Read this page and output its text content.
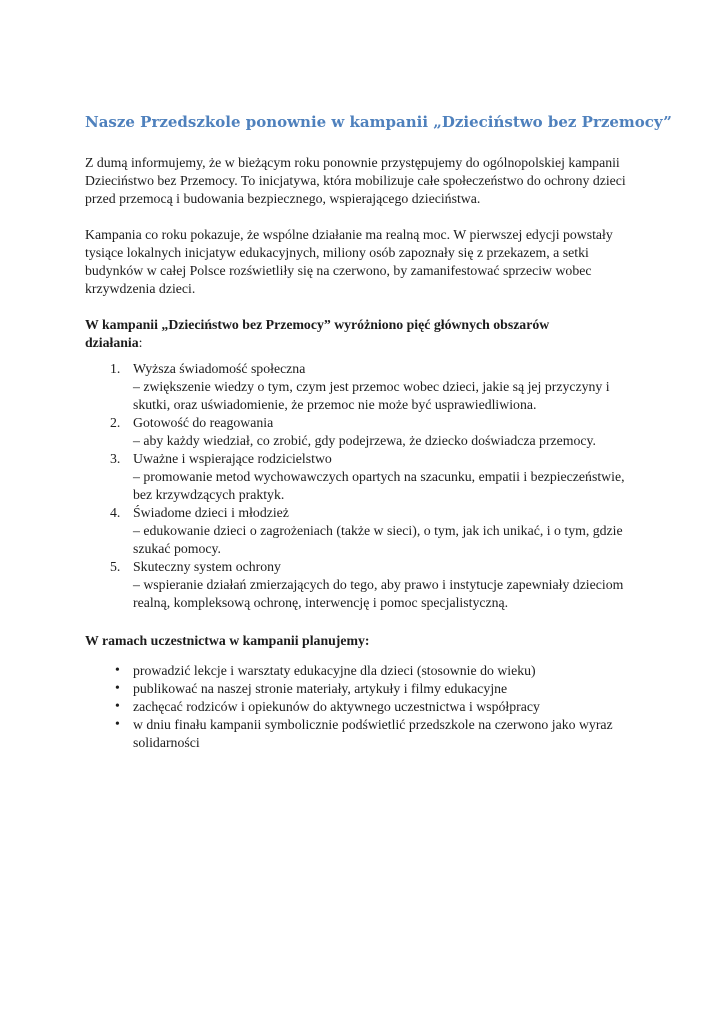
Nasze Przedszkole ponownie w kampanii „Dzieciństwo bez Przemocy”

Z dumą informujemy, że w bieżącym roku ponownie przystępujemy do ogólnopolskiej kampanii Dzieciństwo bez Przemocy. To inicjatywa, która mobilizuje całe społeczeństwo do ochrony dzieci przed przemocą i budowania bezpiecznego, wspierającego dzieciństwa.

Kampania co roku pokazuje, że wspólne działanie ma realną moc. W pierwszej edycji powstały tysiące lokalnych inicjatyw edukacyjnych, miliony osób zapoznały się z przekazem, a setki budynków w całej Polsce rozświetliły się na czerwono, by zamanifestować sprzeciw wobec krzywdzenia dzieci.

W kampanii „Dzieciństwo bez Przemocy” wyróżniono pięć głównych obszarów
działania:

1. Wyższa świadomość społeczna
– zwiększenie wiedzy o tym, czym jest przemoc wobec dzieci, jakie są jej przyczyny i skutki, oraz uświadomienie, że przemoc nie może być usprawiedliwiona.
2. Gotowość do reagowania
– aby każdy wiedział, co zrobić, gdy podejrzewa, że dziecko doświadcza przemocy.
3. Uważne i wspierające rodzicielstwo
– promowanie metod wychowawczych opartych na szacunku, empatii i bezpieczeństwie, bez krzywdzących praktyk.
4. Świadome dzieci i młodzież
– edukowanie dzieci o zagrożeniach (także w sieci), o tym, jak ich unikać, i o tym, gdzie szukać pomocy.
5. Skuteczny system ochrony
– wspieranie działań zmierzających do tego, aby prawo i instytucje zapewniały dzieciom realną, kompleksową ochronę, interwencję i pomoc specjalistyczną.

W ramach uczestnictwa w kampanii planujemy:

• prowadzić lekcje i warsztaty edukacyjne dla dzieci (stosownie do wieku)
• publikować na naszej stronie materiały, artykuły i filmy edukacyjne
• zachęcać rodziców i opiekunów do aktywnego uczestnictwa i współpracy
• w dniu finału kampanii symbolicznie podświetlić przedszkole na czerwono jako wyraz solidarności
